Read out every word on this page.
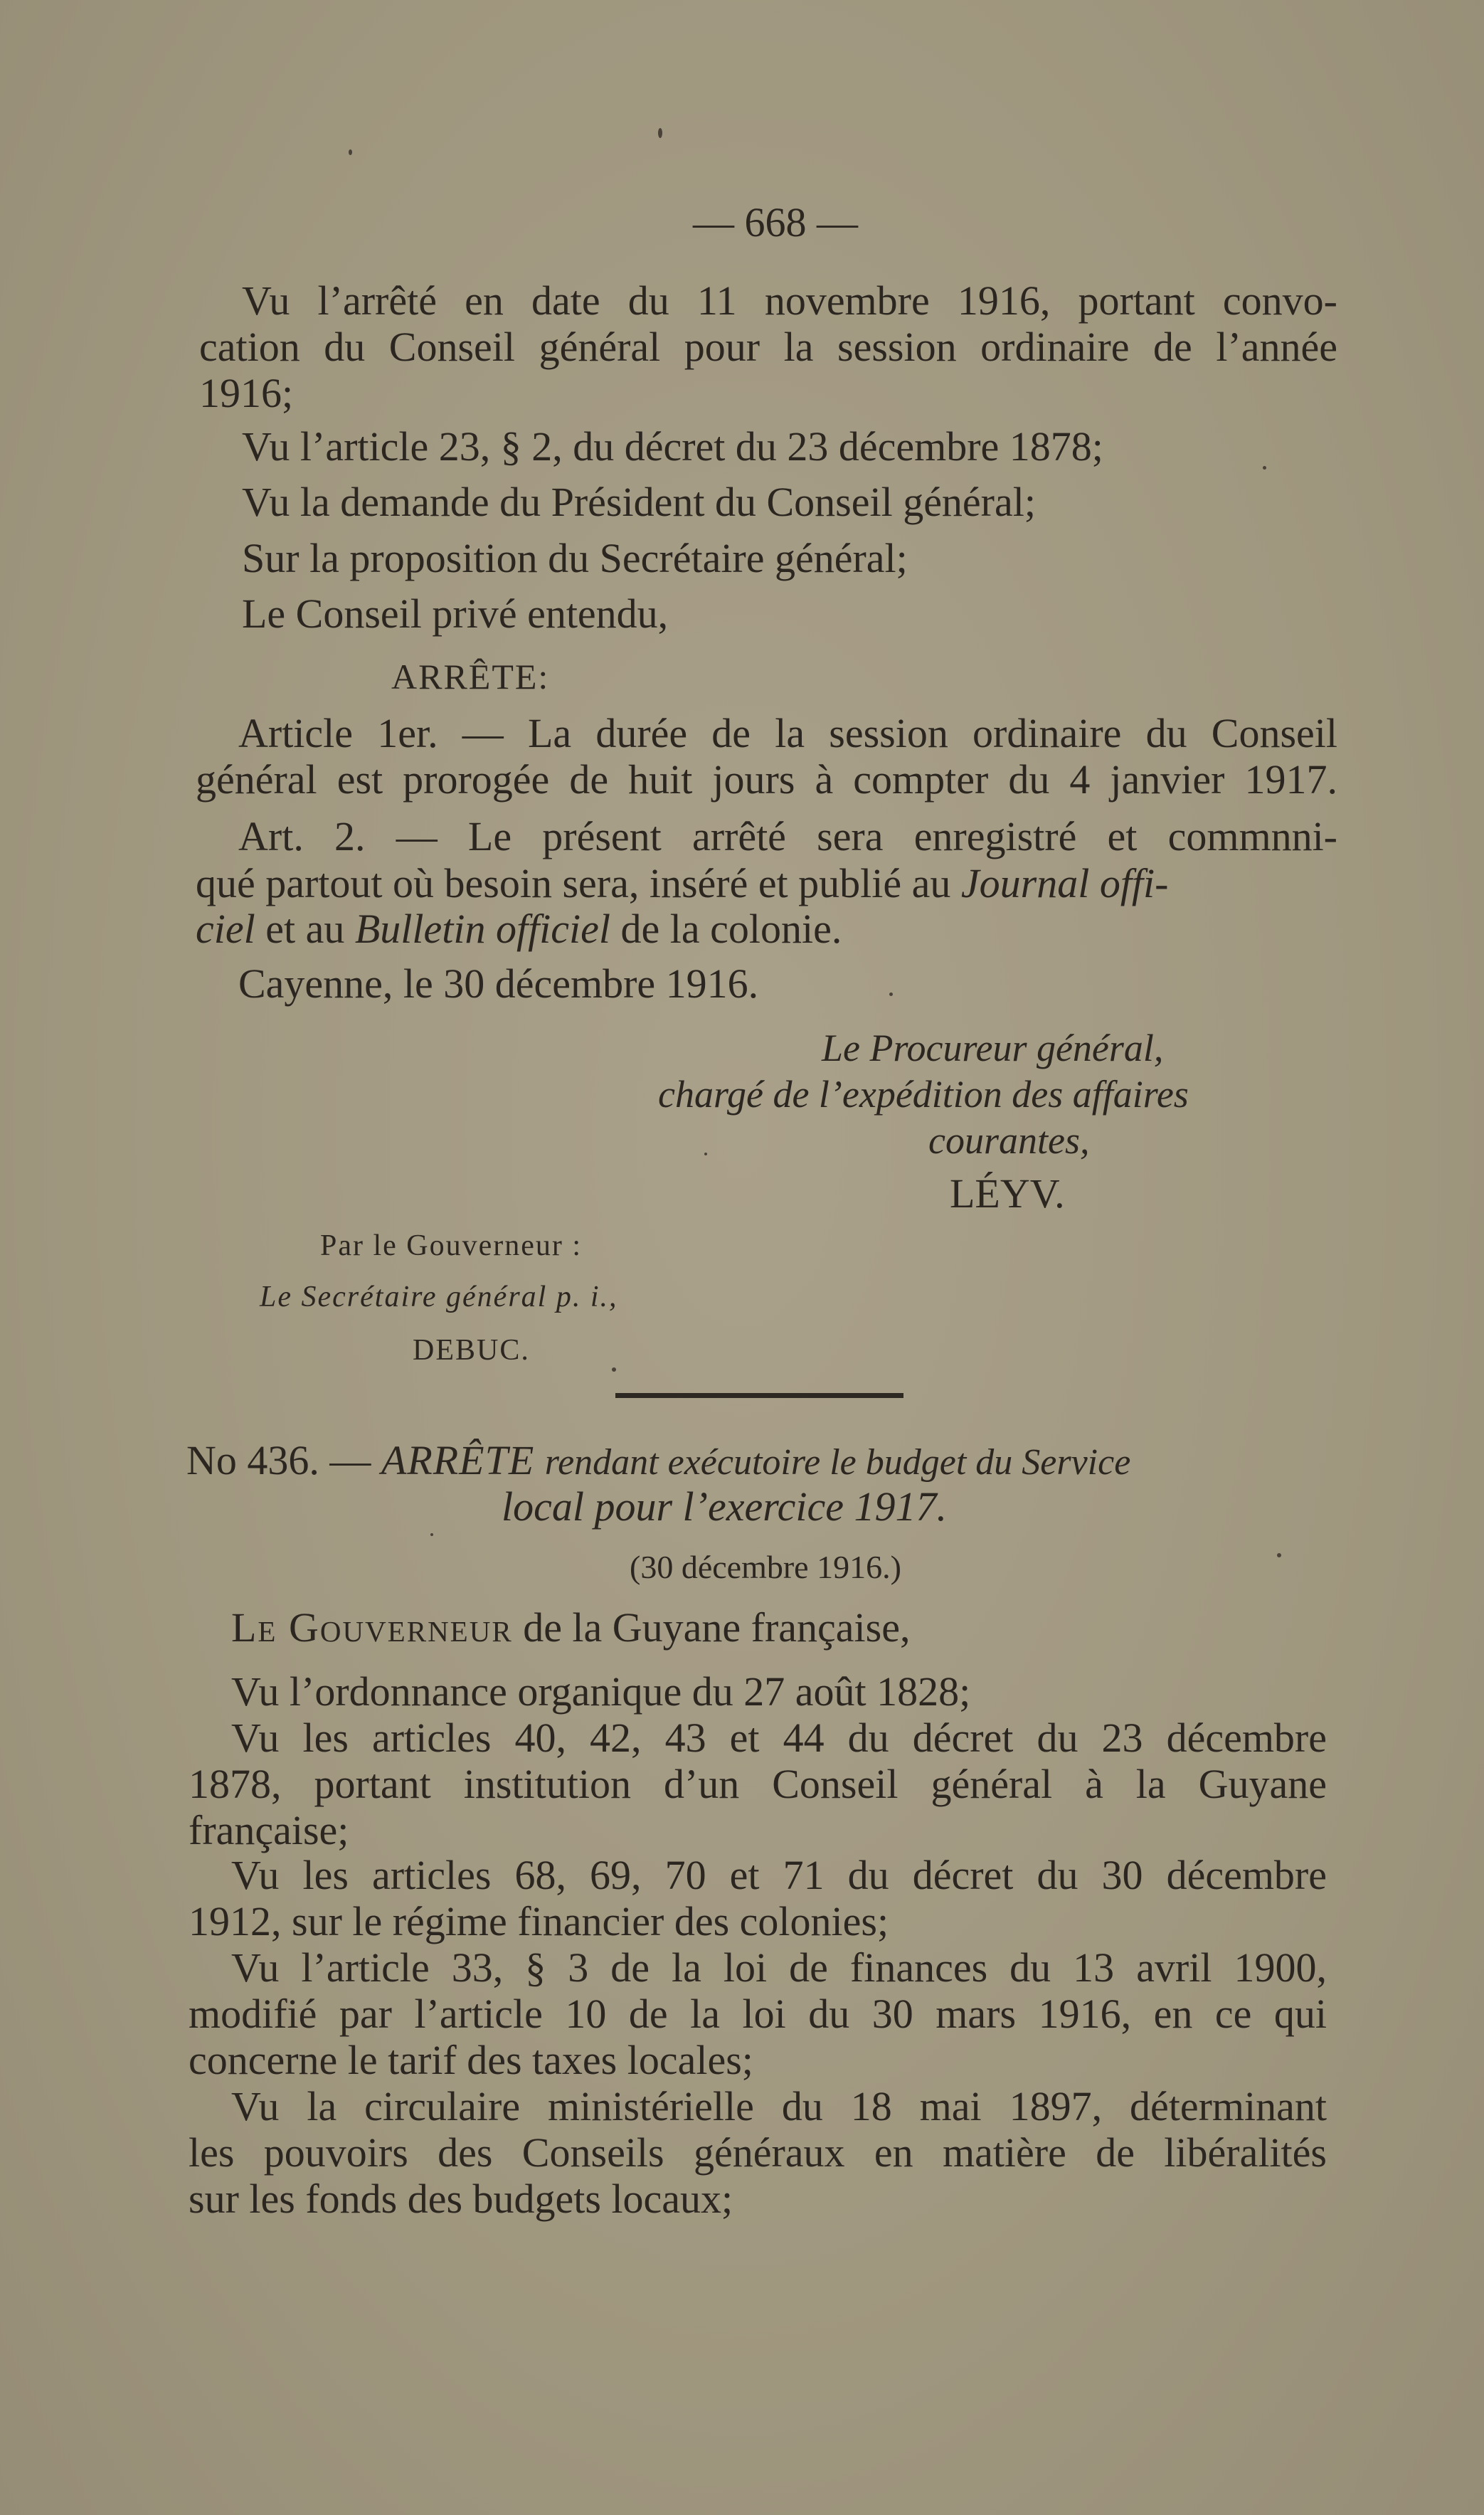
— 668 —
Vu l’arrêté en date du 11 novembre 1916, portant convo-
cation du Conseil général pour la session ordinaire de l’année
1916;
Vu l’article 23, § 2, du décret du 23 décembre 1878;
Vu la demande du Président du Conseil général;
Sur la proposition du Secrétaire général;
Le Conseil privé entendu,
ARRÊTE:
Article 1er. — La durée de la session ordinaire du Conseil
général est prorogée de huit jours à compter du 4 janvier 1917.
Art. 2. — Le présent arrêté sera enregistré et commnni-
qué partout où besoin sera, inséré et publié au Journal offi-
ciel et au Bulletin officiel de la colonie.
Cayenne, le 30 décembre 1916.
Le Procureur général,
chargé de l’expédition des affaires
courantes,
LÉYV.
Par le Gouverneur :
Le Secrétaire général p. i.,
DEBUC.
No 436. — ARRÊTE rendant exécutoire le budget du Service
local pour l’exercice 1917.
(30 décembre 1916.)
Le Gouverneur de la Guyane française,
Vu l’ordonnance organique du 27 août 1828;
Vu les articles 40, 42, 43 et 44 du décret du 23 décembre
1878, portant institution d’un Conseil général à la Guyane
française;
Vu les articles 68, 69, 70 et 71 du décret du 30 décembre
1912, sur le régime financier des colonies;
Vu l’article 33, § 3 de la loi de finances du 13 avril 1900,
modifié par l’article 10 de la loi du 30 mars 1916, en ce qui
concerne le tarif des taxes locales;
Vu la circulaire ministérielle du 18 mai 1897, déterminant
les pouvoirs des Conseils généraux en matière de libéralités
sur les fonds des budgets locaux;
